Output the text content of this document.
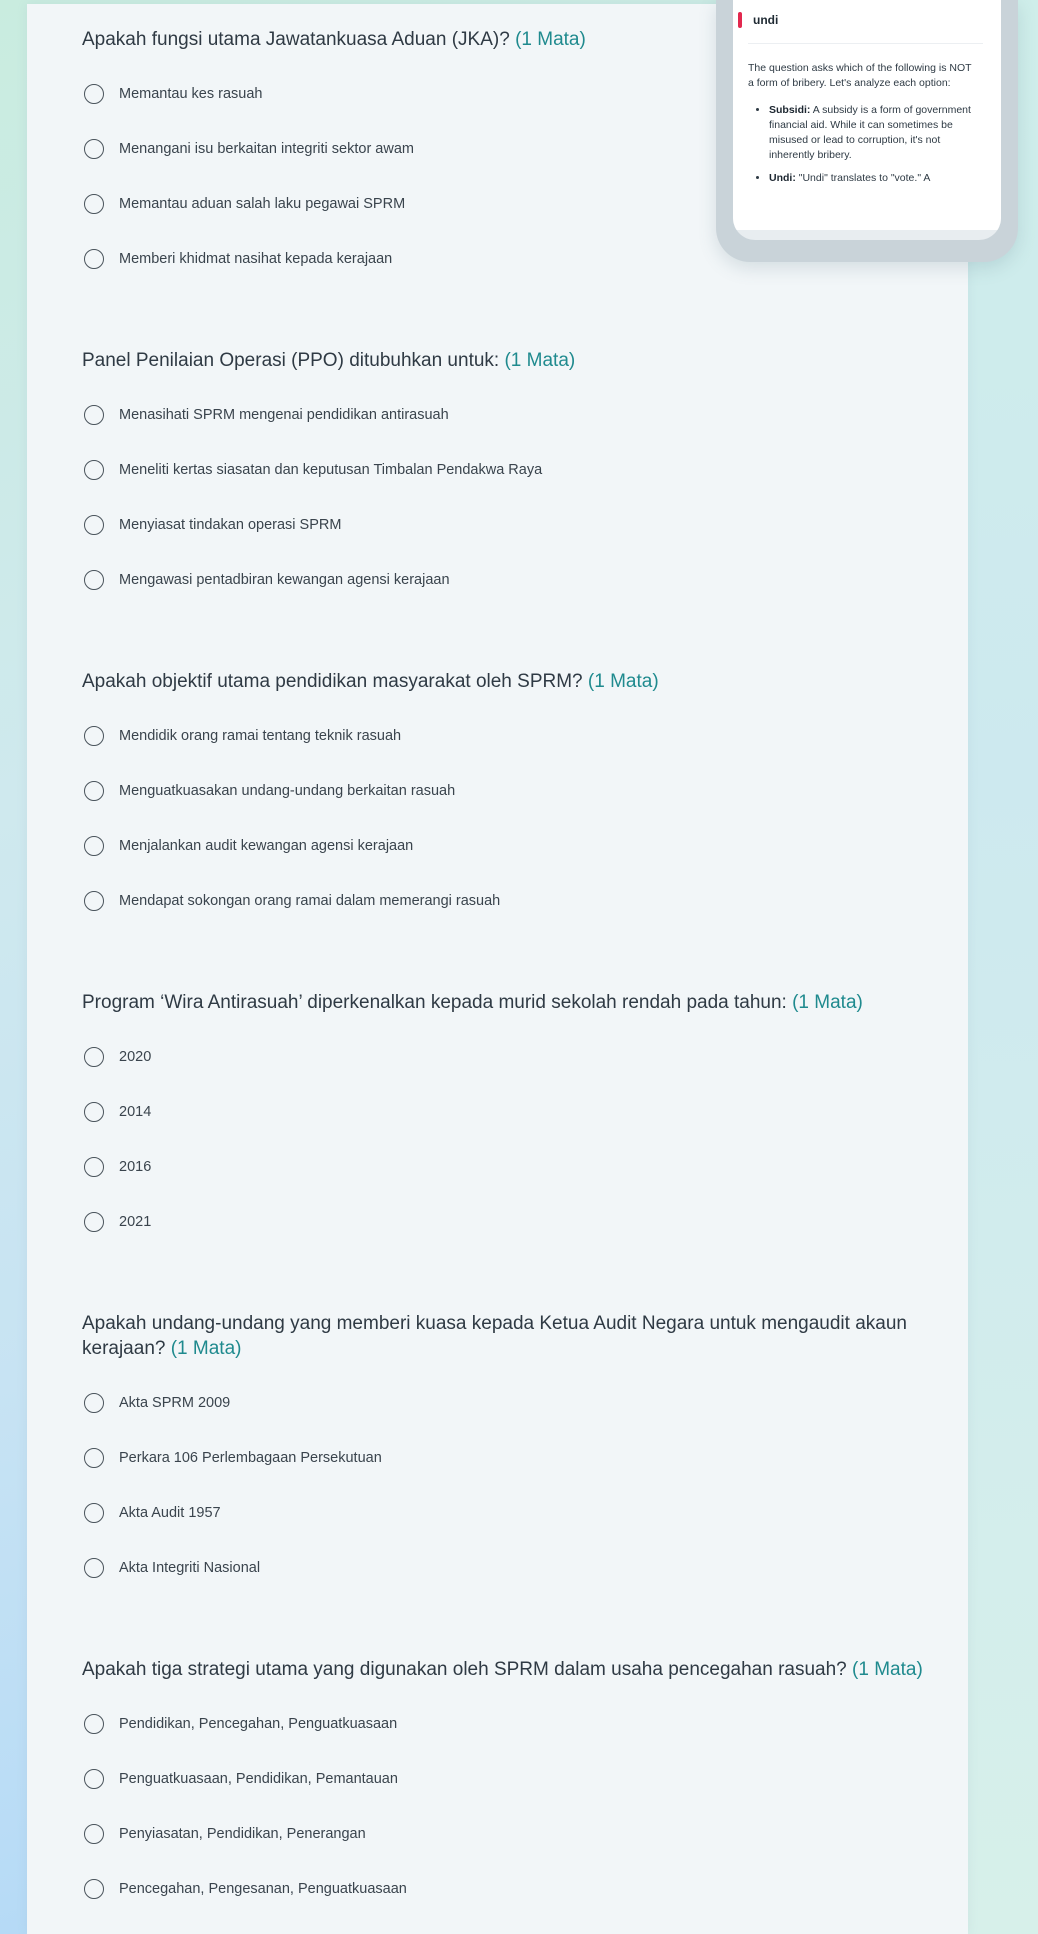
Apakah fungsi utama Jawatankuasa Aduan (JKA)? (1 Mata)
Memantau kes rasuah
Menangani isu berkaitan integriti sektor awam
Memantau aduan salah laku pegawai SPRM
Memberi khidmat nasihat kepada kerajaan
Panel Penilaian Operasi (PPO) ditubuhkan untuk: (1 Mata)
Menasihati SPRM mengenai pendidikan antirasuah
Meneliti kertas siasatan dan keputusan Timbalan Pendakwa Raya
Menyiasat tindakan operasi SPRM
Mengawasi pentadbiran kewangan agensi kerajaan
Apakah objektif utama pendidikan masyarakat oleh SPRM? (1 Mata)
Mendidik orang ramai tentang teknik rasuah
Menguatkuasakan undang-undang berkaitan rasuah
Menjalankan audit kewangan agensi kerajaan
Mendapat sokongan orang ramai dalam memerangi rasuah
Program ‘Wira Antirasuah’ diperkenalkan kepada murid sekolah rendah pada tahun: (1 Mata)
2020
2014
2016
2021
Apakah undang-undang yang memberi kuasa kepada Ketua Audit Negara untuk mengaudit akaun kerajaan? (1 Mata)
Akta SPRM 2009
Perkara 106 Perlembagaan Persekutuan
Akta Audit 1957
Akta Integriti Nasional
Apakah tiga strategi utama yang digunakan oleh SPRM dalam usaha pencegahan rasuah? (1 Mata)
Pendidikan, Pencegahan, Penguatkuasaan
Penguatkuasaan, Pendidikan, Pemantauan
Penyiasatan, Pendidikan, Penerangan
Pencegahan, Pengesanan, Penguatkuasaan
undi

The question asks which of the following is NOT a form of bribery. Let's analyze each option:

• Subsidi: A subsidy is a form of government financial aid. While it can sometimes be misused or lead to corruption, it's not inherently bribery.
• Undi: "Undi" translates to "vote." A
